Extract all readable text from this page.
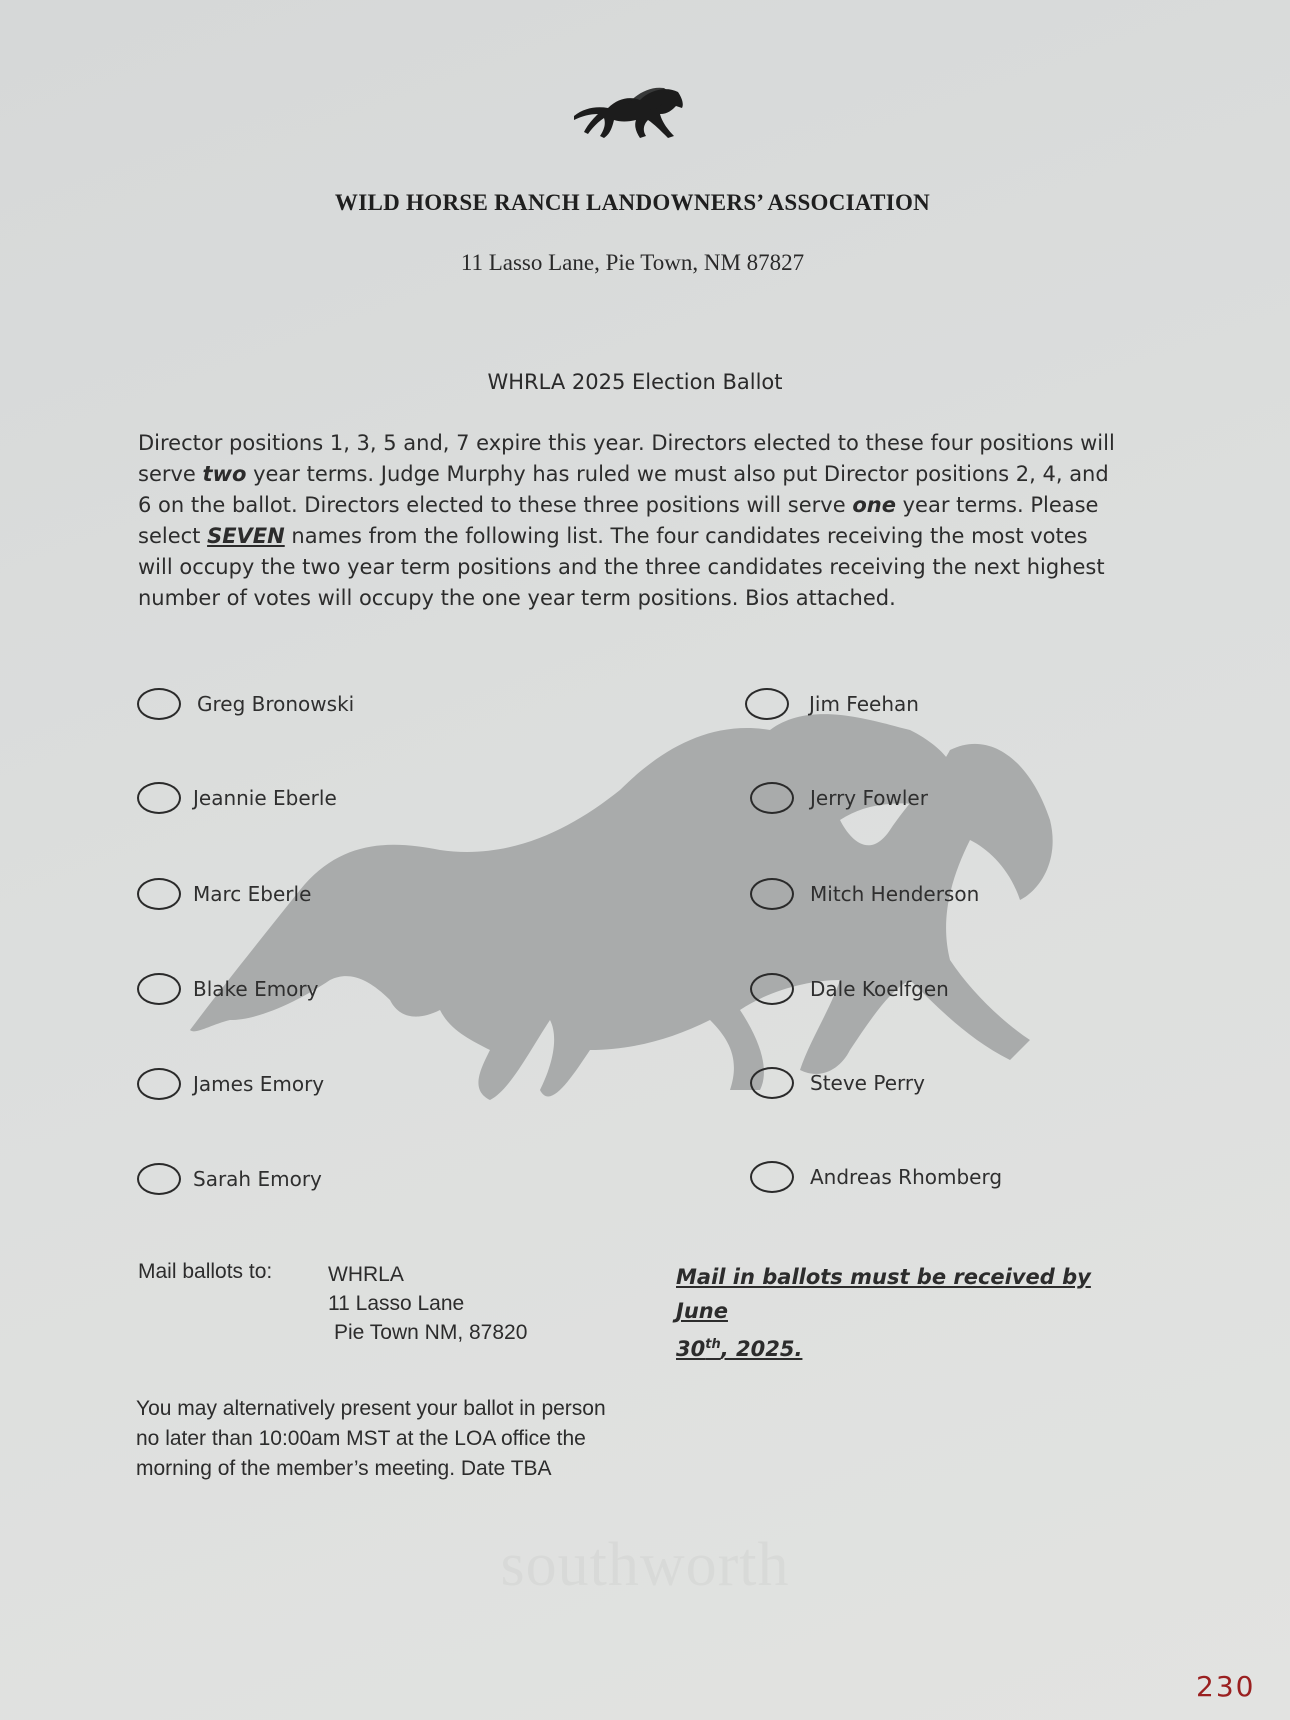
WILD HORSE RANCH LANDOWNERS’ ASSOCIATION
11 Lasso Lane, Pie Town, NM 87827
WHRLA 2025 Election Ballot
Director positions 1, 3, 5 and, 7 expire this year. Directors elected to these four positions will serve two year terms. Judge Murphy has ruled we must also put Director positions 2, 4, and 6 on the ballot. Directors elected to these three positions will serve one year terms. Please select SEVEN names from the following list. The four candidates receiving the most votes will occupy the two year term positions and the three candidates receiving the next highest number of votes will occupy the one year term positions. Bios attached.
Greg Bronowski
Jeannie Eberle
Marc Eberle
Blake Emory
James Emory
Sarah Emory
Jim Feehan
Jerry Fowler
Mitch Henderson
Dale Koelfgen
Steve Perry
Andreas Rhomberg
Mail ballots to:	WHRLA
11 Lasso Lane
Pie Town NM, 87820
Mail in ballots must be received by June
30th, 2025.
You may alternatively present your ballot in person no later than 10:00am MST at the LOA office the morning of the member’s meeting. Date TBA
230
